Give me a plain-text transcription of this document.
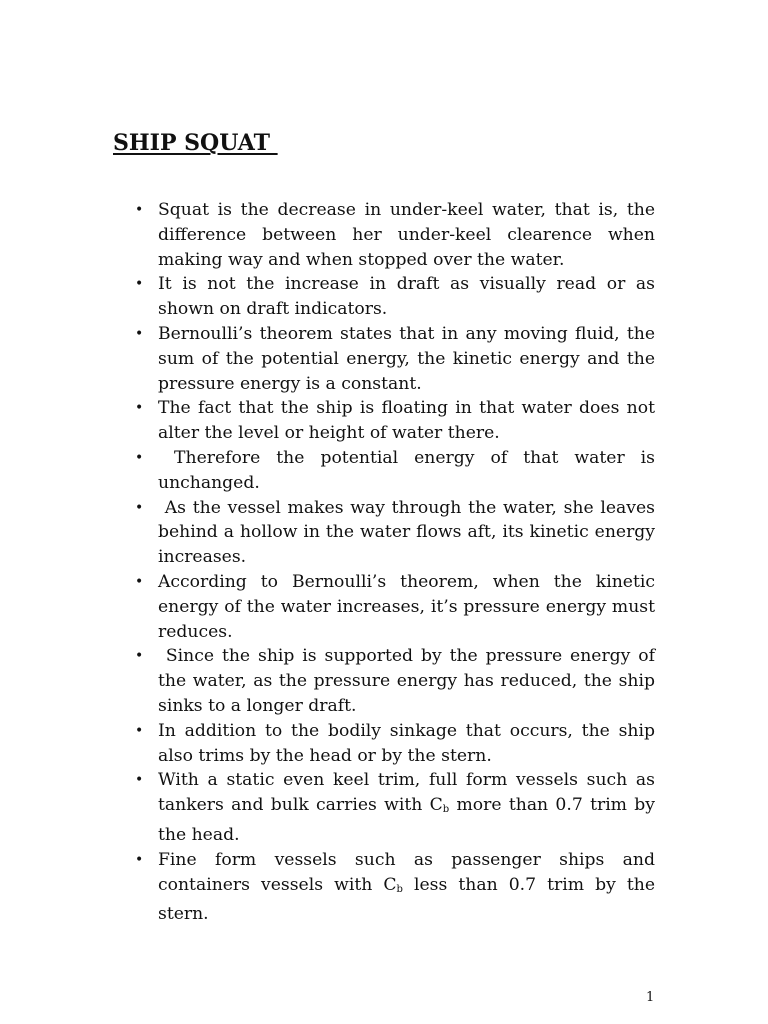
SHIP SQUAT
• Squat is the decrease in under-keel water, that is, the difference between her under-keel clearence when making way and when stopped over the water.
• It is not the increase in draft as visually read or as shown on draft indicators.
• Bernoulli’s theorem states that in any moving fluid, the sum of the potential energy, the kinetic energy and the pressure energy is a constant.
• The fact that the ship is floating in that water does not alter the level or height of water there.
• Therefore the potential energy of that water is unchanged.
• As the vessel makes way through the water, she leaves behind a hollow in the water flows aft, its kinetic energy increases.
• According to Bernoulli’s theorem, when the kinetic energy of the water increases, it’s pressure energy must reduces.
• Since the ship is supported by the pressure energy of the water, as the pressure energy has reduced, the ship sinks to a longer draft.
• In addition to the bodily sinkage that occurs, the ship also trims by the head or by the stern.
• With a static even keel trim, full form vessels such as tankers and bulk carries with $C_b$ more than 0.7 trim by the head.
• Fine form vessels such as passenger ships and containers vessels with $C_b$ less than 0.7 trim by the stern.

1
